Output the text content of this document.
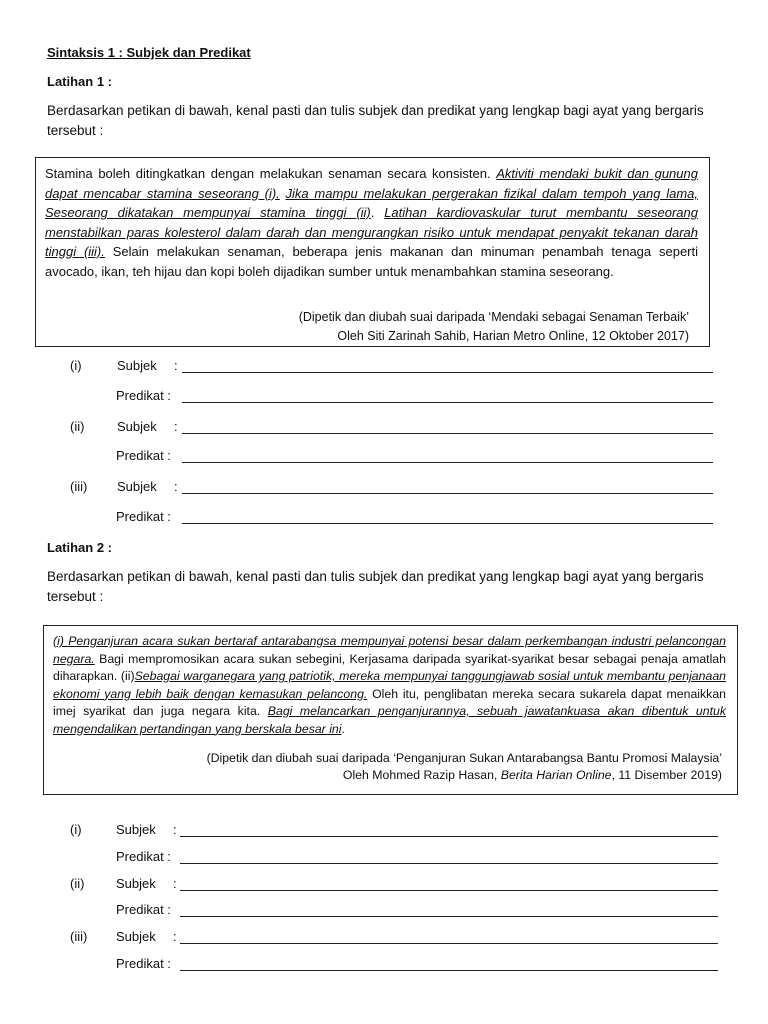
Sintaksis 1 : Subjek dan Predikat
Latihan 1 :
Berdasarkan petikan di bawah, kenal pasti dan tulis subjek dan predikat yang lengkap bagi ayat yang bergaris tersebut :
Stamina boleh ditingkatkan dengan melakukan senaman secara konsisten. Aktiviti mendaki bukit dan gunung dapat mencabar stamina seseorang (i). Jika mampu melakukan pergerakan fizikal dalam tempoh yang lama, Seseorang dikatakan mempunyai stamina tinggi (ii). Latihan kardiovaskular turut membantu seseorang menstabilkan paras kolesterol dalam darah dan mengurangkan risiko untuk mendapat penyakit tekanan darah tinggi (iii). Selain melakukan senaman, beberapa jenis makanan dan minuman penambah tenaga seperti avocado, ikan, teh hijau dan kopi boleh dijadikan sumber untuk menambahkan stamina seseorang.
(Dipetik dan diubah suai daripada ‘Mendaki sebagai Senaman Terbaik’
Oleh Siti Zarinah Sahib, Harian Metro Online, 12 Oktober 2017)
(i)	Subjek :
Predikat :
(ii)	Subjek :
Predikat :
(iii) Subjek :
Predikat :
Latihan 2 :
Berdasarkan petikan di bawah, kenal pasti dan tulis subjek dan predikat yang lengkap bagi ayat yang bergaris tersebut :
(i) Penganjuran acara sukan bertaraf antarabangsa mempunyai potensi besar dalam perkembangan industri pelancongan negara. Bagi mempromosikan acara sukan sebegini, Kerjasama daripada syarikat-syarikat besar sebagai penaja amatlah diharapkan. (ii)Sebagai warganegara yang patriotik, mereka mempunyai tanggungjawab sosial untuk membantu penjanaan ekonomi yang lebih baik dengan kemasukan pelancong. Oleh itu, penglibatan mereka secara sukarela dapat menaikkan imej syarikat dan juga negara kita. Bagi melancarkan penganjurannya, sebuah jawatankuasa akan dibentuk untuk mengendalikan pertandingan yang berskala besar ini.
(Dipetik dan diubah suai daripada ‘Penganjuran Sukan Antarabangsa Bantu Promosi Malaysia’
Oleh Mohmed Razip Hasan, Berita Harian Online, 11 Disember 2019)
(i)	Subjek :
Predikat :
(ii) Subjek :
Predikat :
(iii) Subjek :
Predikat :
